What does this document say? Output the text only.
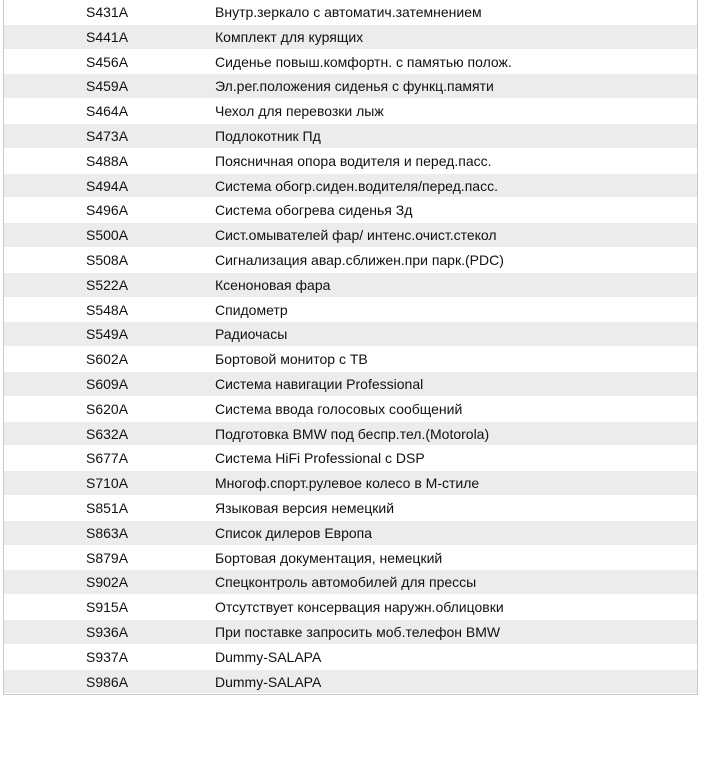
S431A	Внутр.зеркало с автоматич.затемнением
S441A	Комплект для курящих
S456A	Сиденье повыш.комфортн. с памятью полож.
S459A	Эл.рег.положения сиденья с функц.памяти
S464A	Чехол для перевозки лыж
S473A	Подлокотник Пд
S488A	Поясничная опора водителя и перед.пасс.
S494A	Система обогр.сиден.водителя/перед.пасс.
S496A	Система обогрева сиденья Зд
S500A	Сист.омывателей фар/ интенс.очист.стекол
S508A	Сигнализация авар.сближен.при парк.(PDC)
S522A	Ксеноновая фара
S548A	Спидометр
S549A	Радиочасы
S602A	Бортовой монитор с ТВ
S609A	Система навигации Professional
S620A	Система ввода голосовых сообщений
S632A	Подготовка BMW под беспр.тел.(Motorola)
S677A	Система HiFi Professional с DSP
S710A	Многоф.спорт.рулевое колесо в М-стиле
S851A	Языковая версия немецкий
S863A	Список дилеров Европа
S879A	Бортовая документация, немецкий
S902A	Спецконтроль автомобилей для прессы
S915A	Отсутствует консервация наружн.облицовки
S936A	При поставке запросить моб.телефон BMW
S937A	Dummy-SALAPA
S986A	Dummy-SALAPA
